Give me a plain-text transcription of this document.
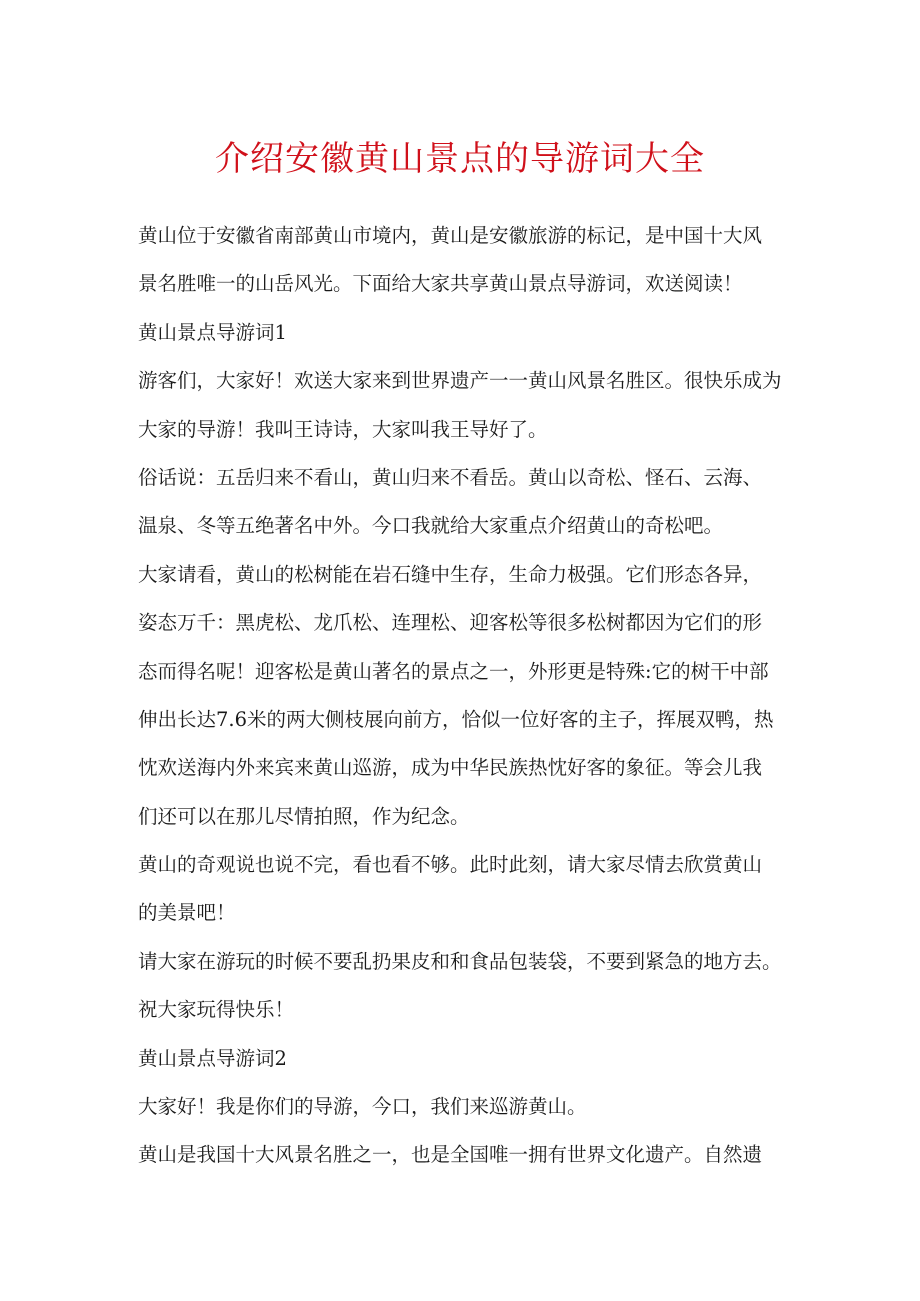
介绍安徽黄山景点的导游词大全
黄山位于安徽省南部黄山市境内，黄山是安徽旅游的标记，是中国十大风
景名胜唯一的山岳风光。下面给大家共享黄山景点导游词，欢送阅读！
黄山景点导游词1
游客们，大家好！欢送大家来到世界遗产一一黄山风景名胜区。很快乐成为
大家的导游！我叫王诗诗，大家叫我王导好了。
俗话说：五岳归来不看山，黄山归来不看岳。黄山以奇松、怪石、云海、
温泉、冬等五绝著名中外。今口我就给大家重点介绍黄山的奇松吧。
大家请看，黄山的松树能在岩石缝中生存，生命力极强。它们形态各异，
姿态万千：黑虎松、龙爪松、连理松、迎客松等很多松树都因为它们的形
态而得名呢！迎客松是黄山著名的景点之一，外形更是特殊:它的树干中部
伸出长达7.6米的两大侧枝展向前方，恰似一位好客的主子，挥展双鸭，热
忱欢送海内外来宾来黄山巡游，成为中华民族热忱好客的象征。等会儿我
们还可以在那儿尽情拍照，作为纪念。
黄山的奇观说也说不完，看也看不够。此时此刻，请大家尽情去欣赏黄山
的美景吧！
请大家在游玩的时候不要乱扔果皮和和食品包装袋，不要到紧急的地方去。
祝大家玩得快乐！
黄山景点导游词2
大家好！我是你们的导游，今口，我们来巡游黄山。
黄山是我国十大风景名胜之一，也是全国唯一拥有世界文化遗产。自然遗
